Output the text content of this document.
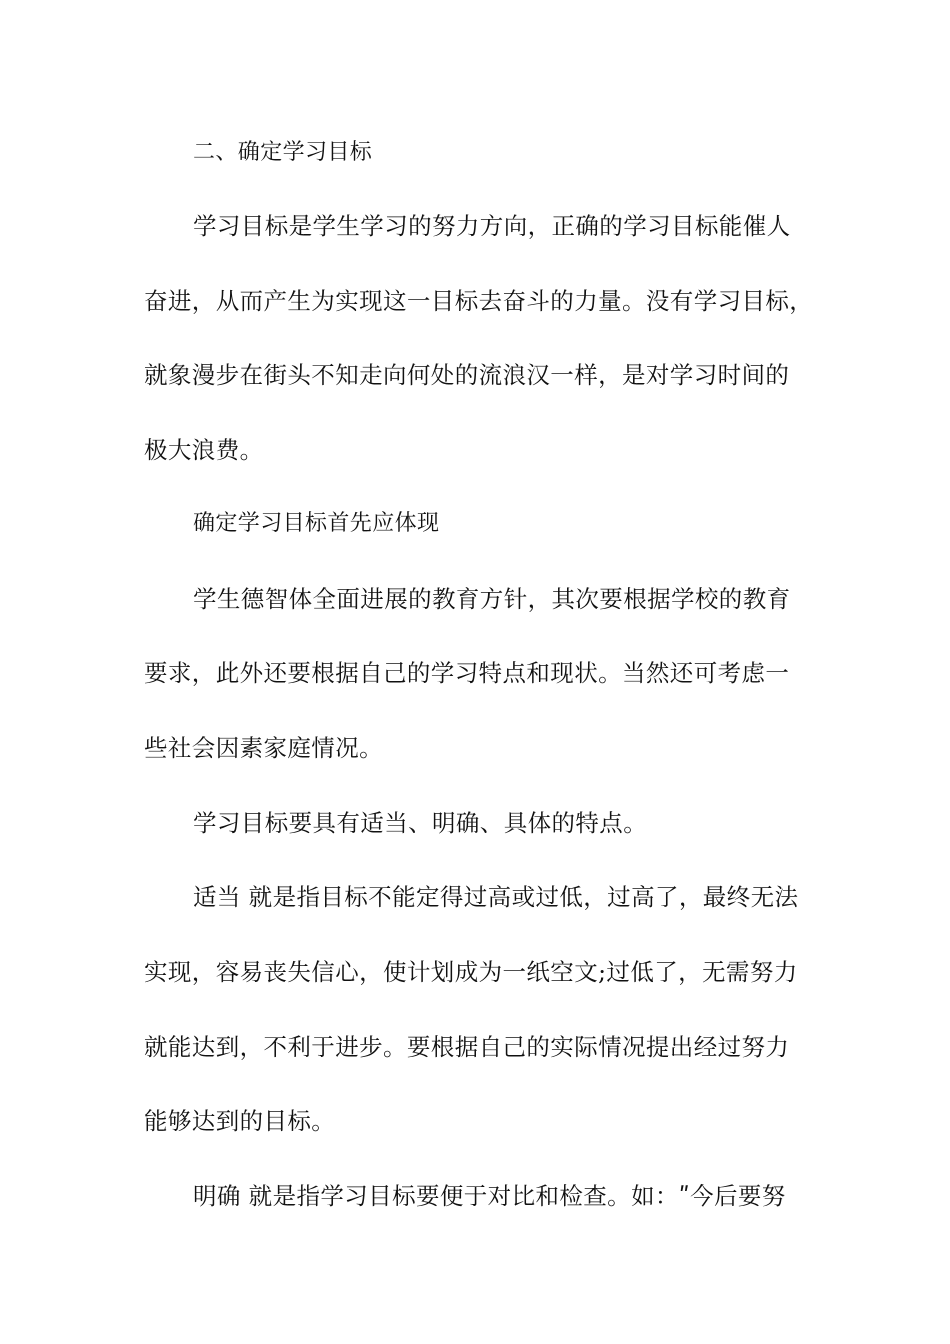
二、确定学习目标
学习目标是学生学习的努力方向，正确的学习目标能催人
奋进，从而产生为实现这一目标去奋斗的力量。没有学习目标，
就象漫步在街头不知走向何处的流浪汉一样，是对学习时间的
极大浪费。
确定学习目标首先应体现
学生德智体全面进展的教育方针，其次要根据学校的教育
要求，此外还要根据自己的学习特点和现状。当然还可考虑一
些社会因素家庭情况。
学习目标要具有适当、明确、具体的特点。
适当 就是指目标不能定得过高或过低，过高了，最终无法
实现，容易丧失信心，使计划成为一纸空文;过低了，无需努力
就能达到，不利于进步。要根据自己的实际情况提出经过努力
能够达到的目标。
明确 就是指学习目标要便于对比和检查。如：ʺ今后要努
